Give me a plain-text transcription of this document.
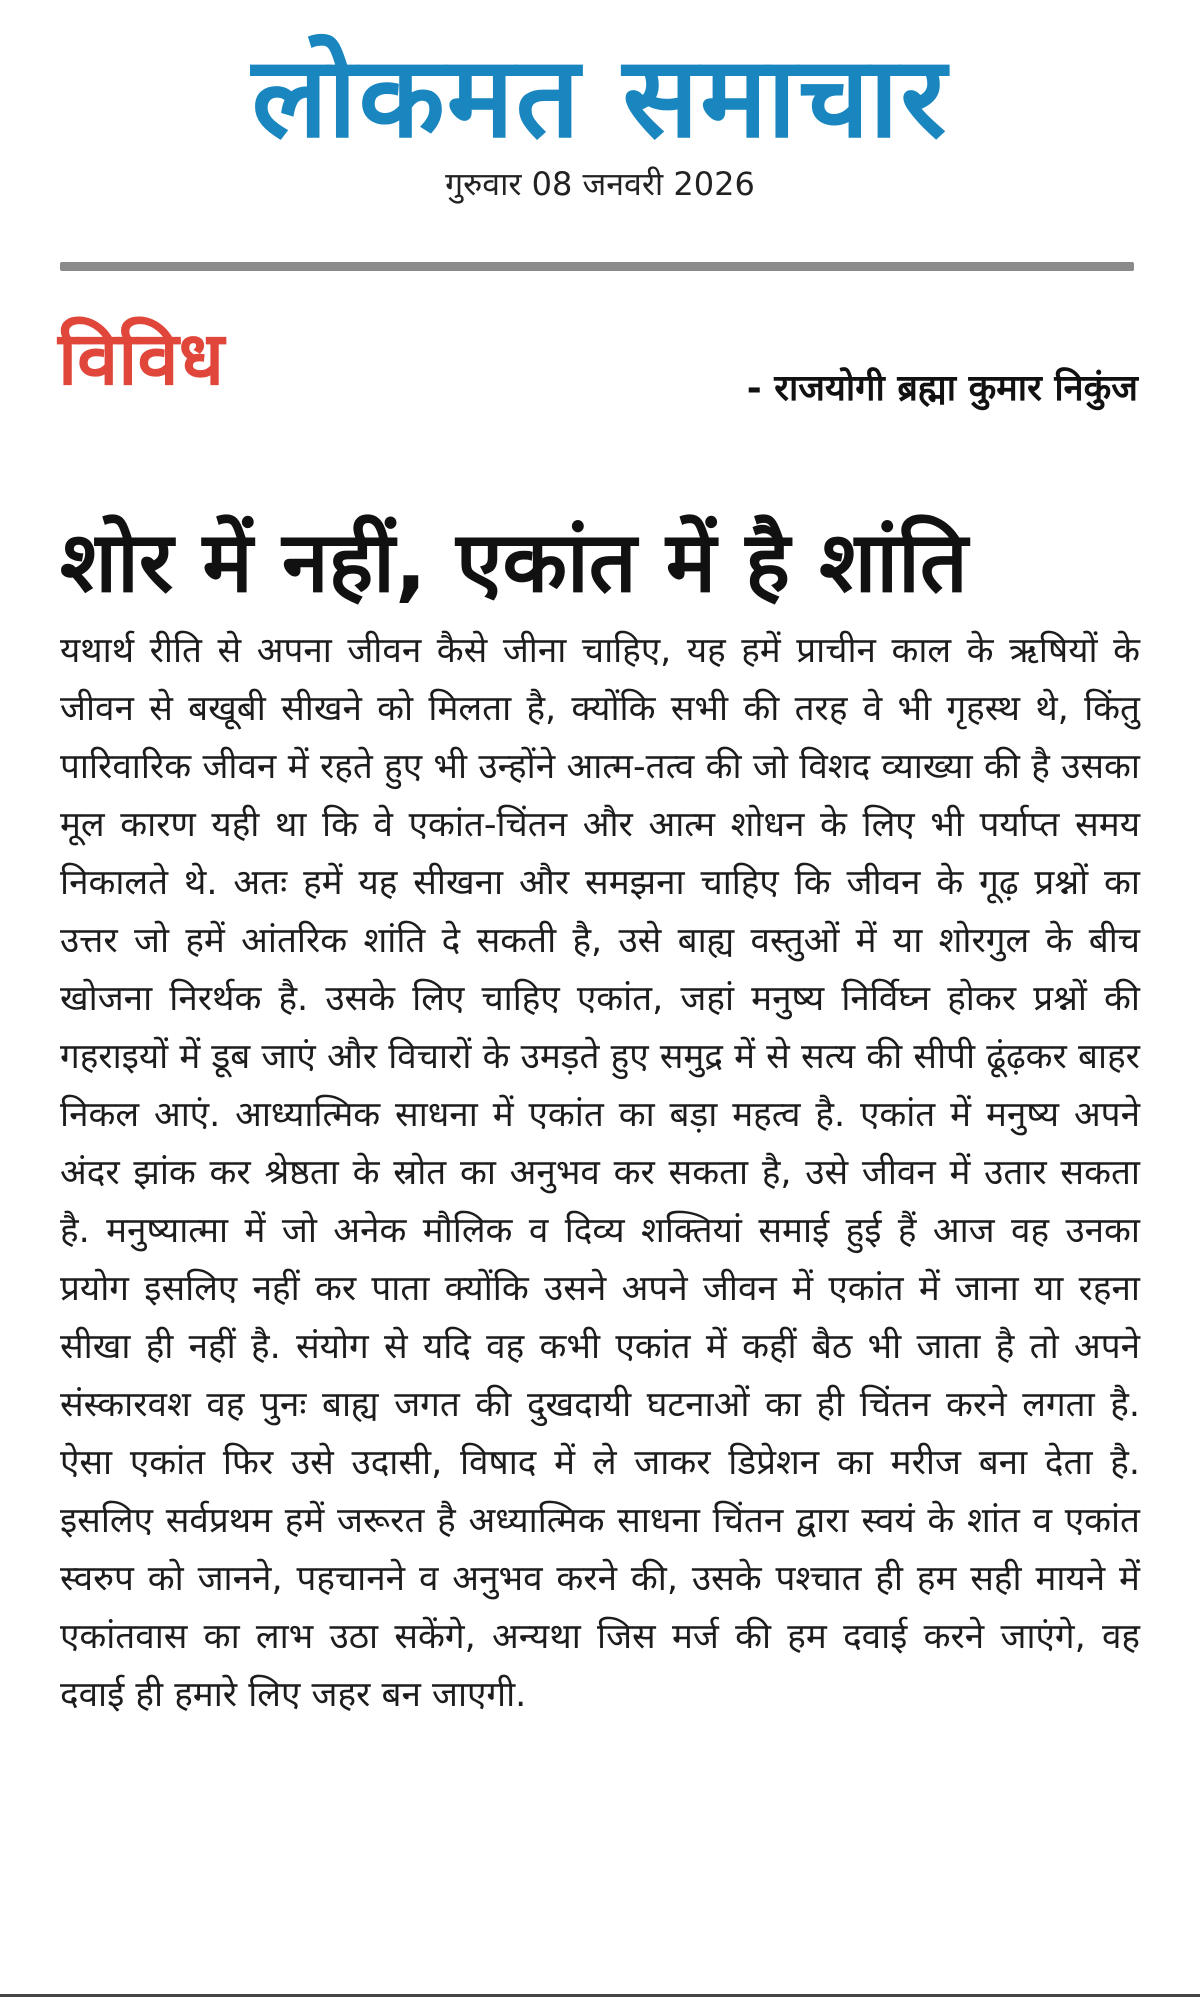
लोकमत समाचार
गुरुवार 08 जनवरी 2026
विविध	- राजयोगी ब्रह्मा कुमार निकुंज
शोर में नहीं, एकांत में है शांति

यथार्थ रीति से अपना जीवन कैसे जीना चाहिए, यह हमें प्राचीन काल के ऋषियों के जीवन से बखूबी सीखने को मिलता है, क्योंकि सभी की तरह वे भी गृहस्थ थे, किंतु पारिवारिक जीवन में रहते हुए भी उन्होंने आत्म-तत्व की जो विशद व्याख्या की है उसका मूल कारण यही था कि वे एकांत-चिंतन और आत्म शोधन के लिए भी पर्याप्त समय निकालते थे. अतः हमें यह सीखना और समझना चाहिए कि जीवन के गूढ़ प्रश्नों का उत्तर जो हमें आंतरिक शांति दे सकती है, उसे बाह्य वस्तुओं में या शोरगुल के बीच खोजना निरर्थक है. उसके लिए चाहिए एकांत, जहां मनुष्य निर्विघ्न होकर प्रश्नों की गहराइयों में डूब जाएं और विचारों के उमड़ते हुए समुद्र में से सत्य की सीपी ढूंढ़कर बाहर निकल आएं. आध्यात्मिक साधना में एकांत का बड़ा महत्व है. एकांत में मनुष्य अपने अंदर झांक कर श्रेष्ठता के स्रोत का अनुभव कर सकता है, उसे जीवन में उतार सकता है. मनुष्यात्मा में जो अनेक मौलिक व दिव्य शक्तियां समाई हुई हैं आज वह उनका प्रयोग इसलिए नहीं कर पाता क्योंकि उसने अपने जीवन में एकांत में जाना या रहना सीखा ही नहीं है. संयोग से यदि वह कभी एकांत में कहीं बैठ भी जाता है तो अपने संस्कारवश वह पुनः बाह्य जगत की दुखदायी घटनाओं का ही चिंतन करने लगता है. ऐसा एकांत फिर उसे उदासी, विषाद में ले जाकर डिप्रेशन का मरीज बना देता है. इसलिए सर्वप्रथम हमें जरूरत है अध्यात्मिक साधना चिंतन द्वारा स्वयं के शांत व एकांत स्वरुप को जानने, पहचानने व अनुभव करने की, उसके पश्चात ही हम सही मायने में एकांतवास का लाभ उठा सकेंगे, अन्यथा जिस मर्ज की हम दवाई करने जाएंगे, वह दवाई ही हमारे लिए जहर बन जाएगी.
